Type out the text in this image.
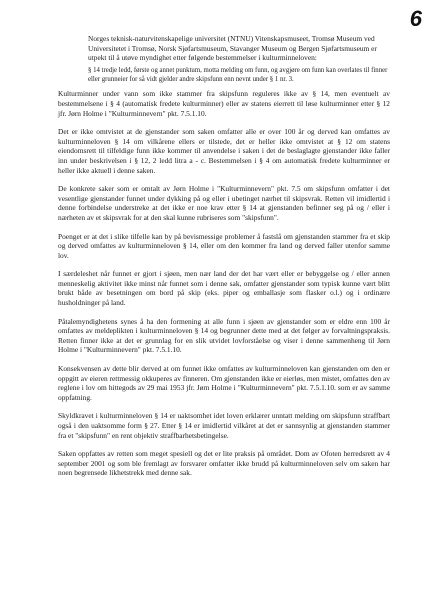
6
Norges teknisk-naturvitenskapelige universitet (NTNU) Vitenskapsmuseet, Tromsø Museum ved Universitetet i Tromsø, Norsk Sjøfartsmuseum, Stavanger Museum og Bergen Sjøfartsmuseum er utpekt til å utøve myndighet etter følgende bestemmelser i kulturminneloven:
§ 14 tredje ledd, første og annet punktum, motta melding om funn, og avgjøre om funn kan overlates til finner eller grunneier for så vidt gjelder andre skipsfunn enn nevnt under § 1 nr. 3.

Kulturminner under vann som ikke stammer fra skipsfunn reguleres ikke av § 14, men eventuelt av bestemmelsene i § 4 (automatisk fredete kulturminner) eller av statens eierrett til løse kulturminner etter § 12 jfr. Jørn Holme i "Kulturminnevern" pkt. 7.5.1.10.

Det er ikke omtvistet at de gjenstander som saken omfatter alle er over 100 år og derved kan omfattes av kulturminneloven § 14 om vilkårene ellers er tilstede, det er heller ikke omtvistet at § 12 om statens eiendomsrett til tilfeldige funn ikke kommer til anvendelse i saken i det de beslaglagte gjenstander ikke faller inn under beskrivelsen i § 12, 2 ledd litra a - c. Bestemmelsen i § 4 om automatisk fredete kulturminner er heller ikke aktuell i denne saken.

De konkrete saker som er omtalt av Jørn Holme i "Kulturminnevern" pkt. 7.5 om skipsfunn omfatter i det vesentlige gjenstander funnet under dykking på og eller i ubetinget nærhet til skipsvrak. Retten vil imidlertid i denne forbindelse understreke at det ikke er noe krav etter § 14 at gjenstanden befinner seg på og / eller i nærheten av et skipsvrak for at den skal kunne rubriseres som "skipsfunn".

Poenget er at det i slike tilfelle kan by på bevismessige problemer å fastslå om gjenstanden stammer fra et skip og derved omfattes av kulturminneloven § 14, eller om den kommer fra land og derved faller utenfor samme lov.

I særdeleshet når funnet er gjort i sjøen, men nær land der det har vært eller er bebyggelse og / eller annen menneskelig aktivitet ikke minst når funnet som i denne sak, omfatter gjenstander som typisk kunne vært blitt brukt både av besetningen om bord på skip (eks. piper og emballasje som flasker o.l.) og i ordinære husholdninger på land.

Påtalemyndighetens synes å ha den formening at alle funn i sjøen av gjenstander som er eldre enn 100 år omfattes av meldeplikten i kulturminneloven § 14 og begrunner dette med at det følger av forvaltningspraksis. Retten finner ikke at det er grunnlag for en slik utvidet lovforståelse og viser i denne sammenheng til Jørn Holme i "Kulturminnevern" pkt. 7.5.1.10.

Konsekvensen av dette blir derved at om funnet ikke omfattes av kulturminneloven kan gjenstanden om den er oppgitt av eieren rettmessig okkuperes av finneren. Om gjenstanden ikke er eierløs, men mistet, omfattes den av reglene i lov om hittegods av 29 mai 1953 jfr. Jørn Holme i "Kulturminnevern" pkt. 7.5.1.10. som er av samme oppfatning.

Skyldkravet i kulturminneloven § 14 er uaktsomhet idet loven erklærer unntatt melding om skipsfunn straffbart også i den uaktsomme form § 27. Etter § 14 er imidlertid vilkåret at det er sannsynlig at gjenstanden stammer fra et "skipsfunn" en rent objektiv straffbarhetsbetingelse.

Saken oppfattes av retten som meget spesiell og det er lite praksis på området. Dom av Ofoten herredsrett av 4 september 2001 og som ble fremlagt av forsvarer omfatter ikke brudd på kulturminneloven selv om saken har noen begrensede likhetstrekk med denne sak.
